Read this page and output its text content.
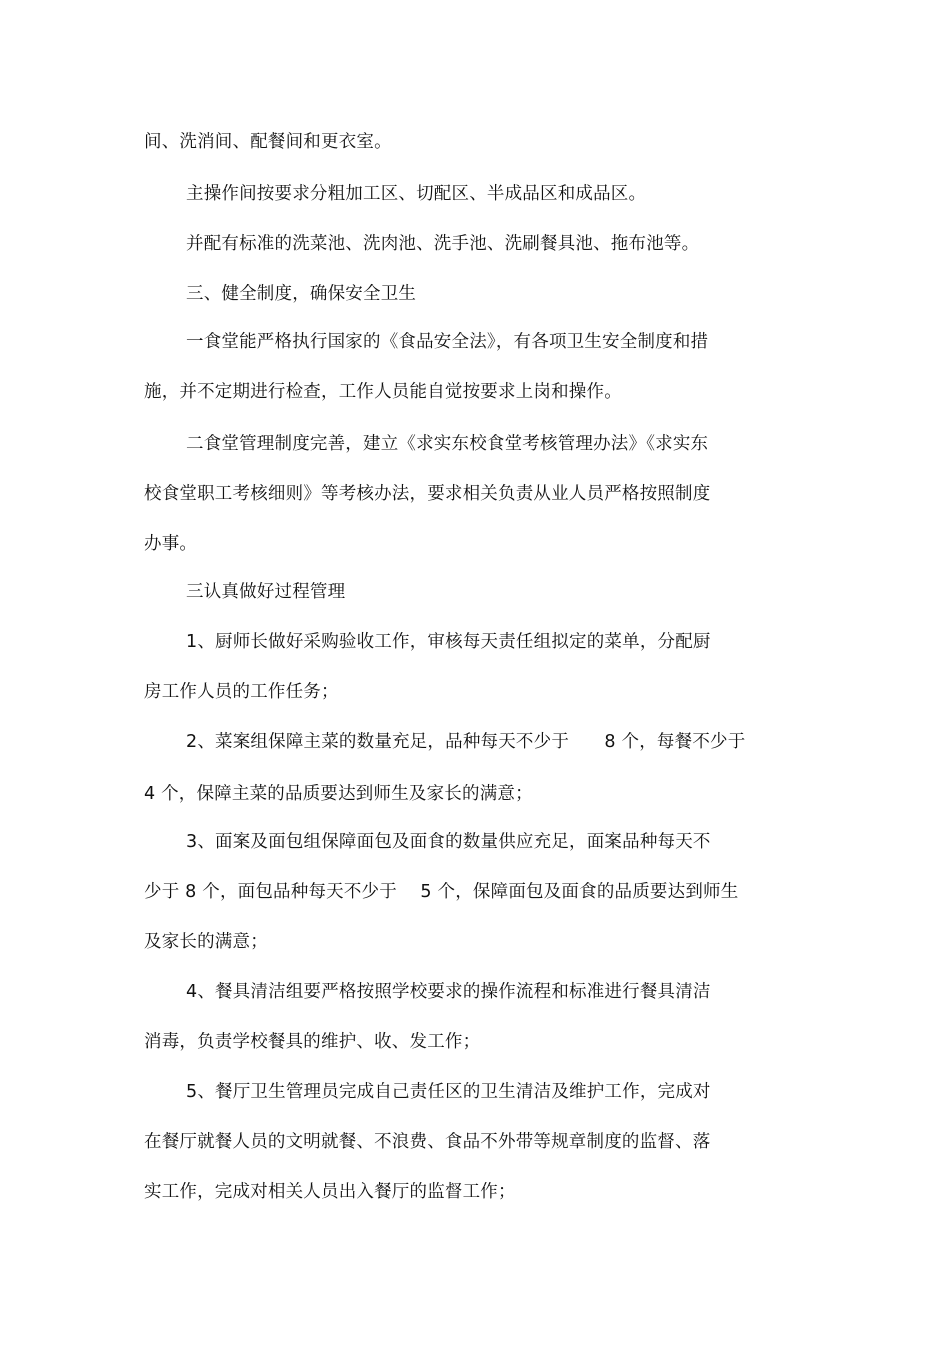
间、洗消间、配餐间和更衣室。
主操作间按要求分粗加工区、切配区、半成品区和成品区。
并配有标准的洗菜池、洗肉池、洗手池、洗刷餐具池、拖布池等。
三、健全制度，确保安全卫生
一食堂能严格执行国家的《食品安全法》，有各项卫生安全制度和措
施，并不定期进行检查，工作人员能自觉按要求上岗和操作。
二食堂管理制度完善，建立《求实东校食堂考核管理办法》《求实东
校食堂职工考核细则》等考核办法，要求相关负责从业人员严格按照制度
办事。
三认真做好过程管理
1、厨师长做好采购验收工作，审核每天责任组拟定的菜单，分配厨
房工作人员的工作任务；
2、菜案组保障主菜的数量充足，品种每天不少于　　8 个，每餐不少于
4 个，保障主菜的品质要达到师生及家长的满意；
3、面案及面包组保障面包及面食的数量供应充足，面案品种每天不
少于 8 个，面包品种每天不少于　 5 个，保障面包及面食的品质要达到师生
及家长的满意；
4、餐具清洁组要严格按照学校要求的操作流程和标准进行餐具清洁
消毒，负责学校餐具的维护、收、发工作；
5、餐厅卫生管理员完成自己责任区的卫生清洁及维护工作，完成对
在餐厅就餐人员的文明就餐、不浪费、食品不外带等规章制度的监督、落
实工作，完成对相关人员出入餐厅的监督工作；
